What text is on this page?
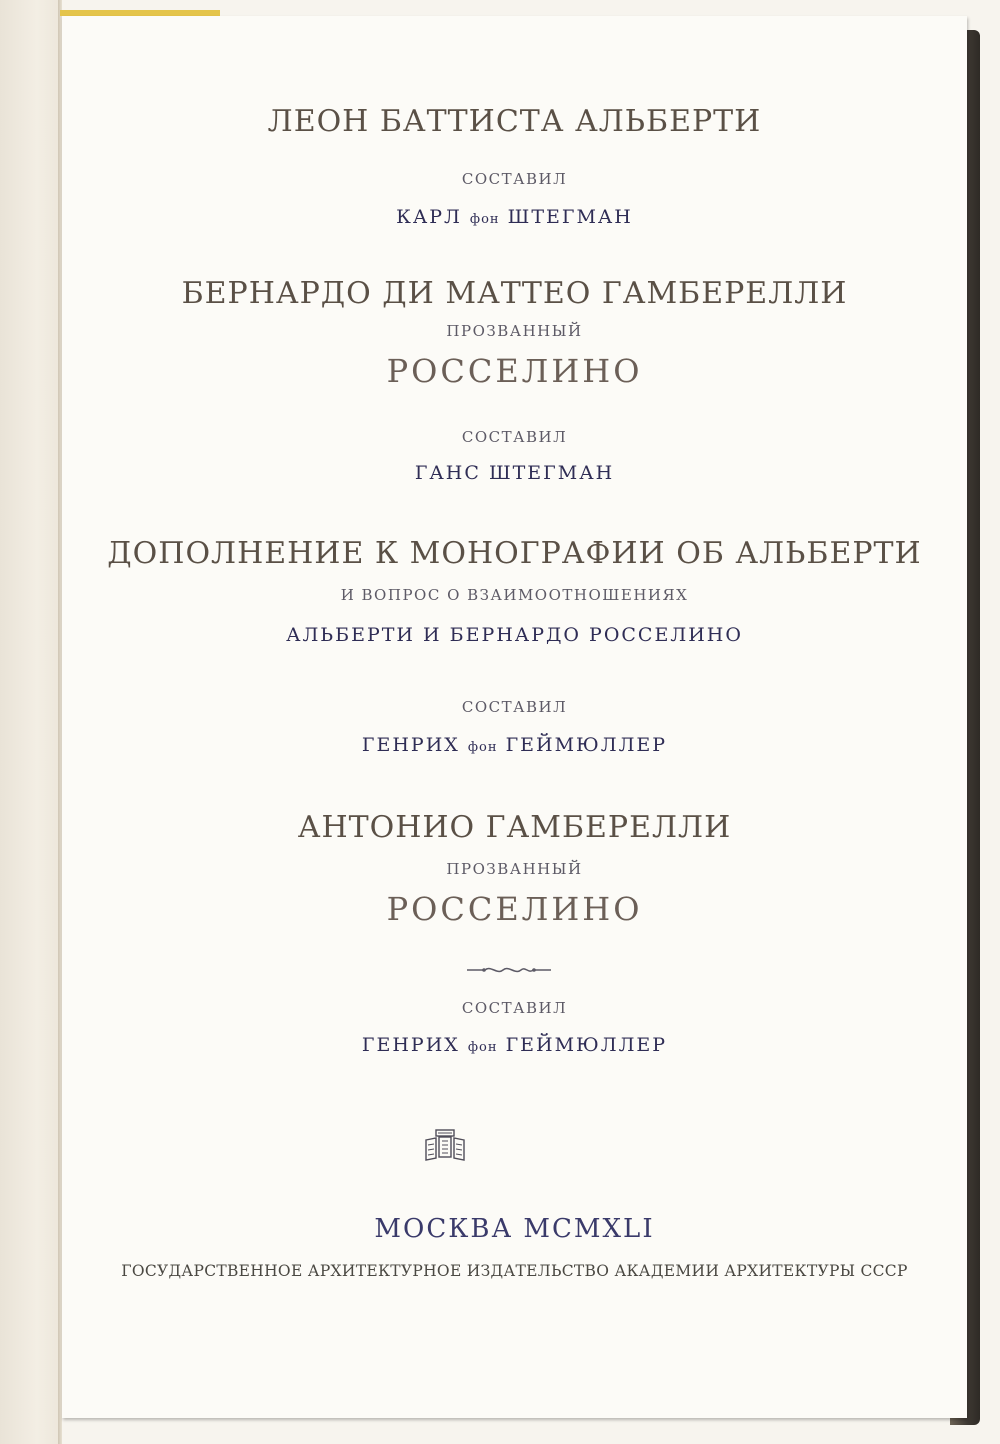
ЛЕОН БАТТИСТА АЛЬБЕРТИ
СОСТАВИЛ
КАРЛ фон ШТЕГМАН
БЕРНАРДО ДИ МАТТЕО ГАМБЕРЕЛЛИ
ПРОЗВАННЫЙ
РОССЕЛИНО
СОСТАВИЛ
ГАНС ШТЕГМАН
ДОПОЛНЕНИЕ К МОНОГРАФИИ ОБ АЛЬБЕРТИ
И ВОПРОС О ВЗАИМООТНОШЕНИЯХ
АЛЬБЕРТИ И БЕРНАРДО РОССЕЛИНО
СОСТАВИЛ
ГЕНРИХ фон ГЕЙМЮЛЛЕР
АНТОНИО ГАМБЕРЕЛЛИ
ПРОЗВАННЫЙ
РОССЕЛИНО
СОСТАВИЛ
ГЕНРИХ фон ГЕЙМЮЛЛЕР
МОСКВА MCMXLI
ГОСУДАРСТВЕННОЕ АРХИТЕКТУРНОЕ ИЗДАТЕЛЬСТВО АКАДЕМИИ АРХИТЕКТУРЫ СССР
